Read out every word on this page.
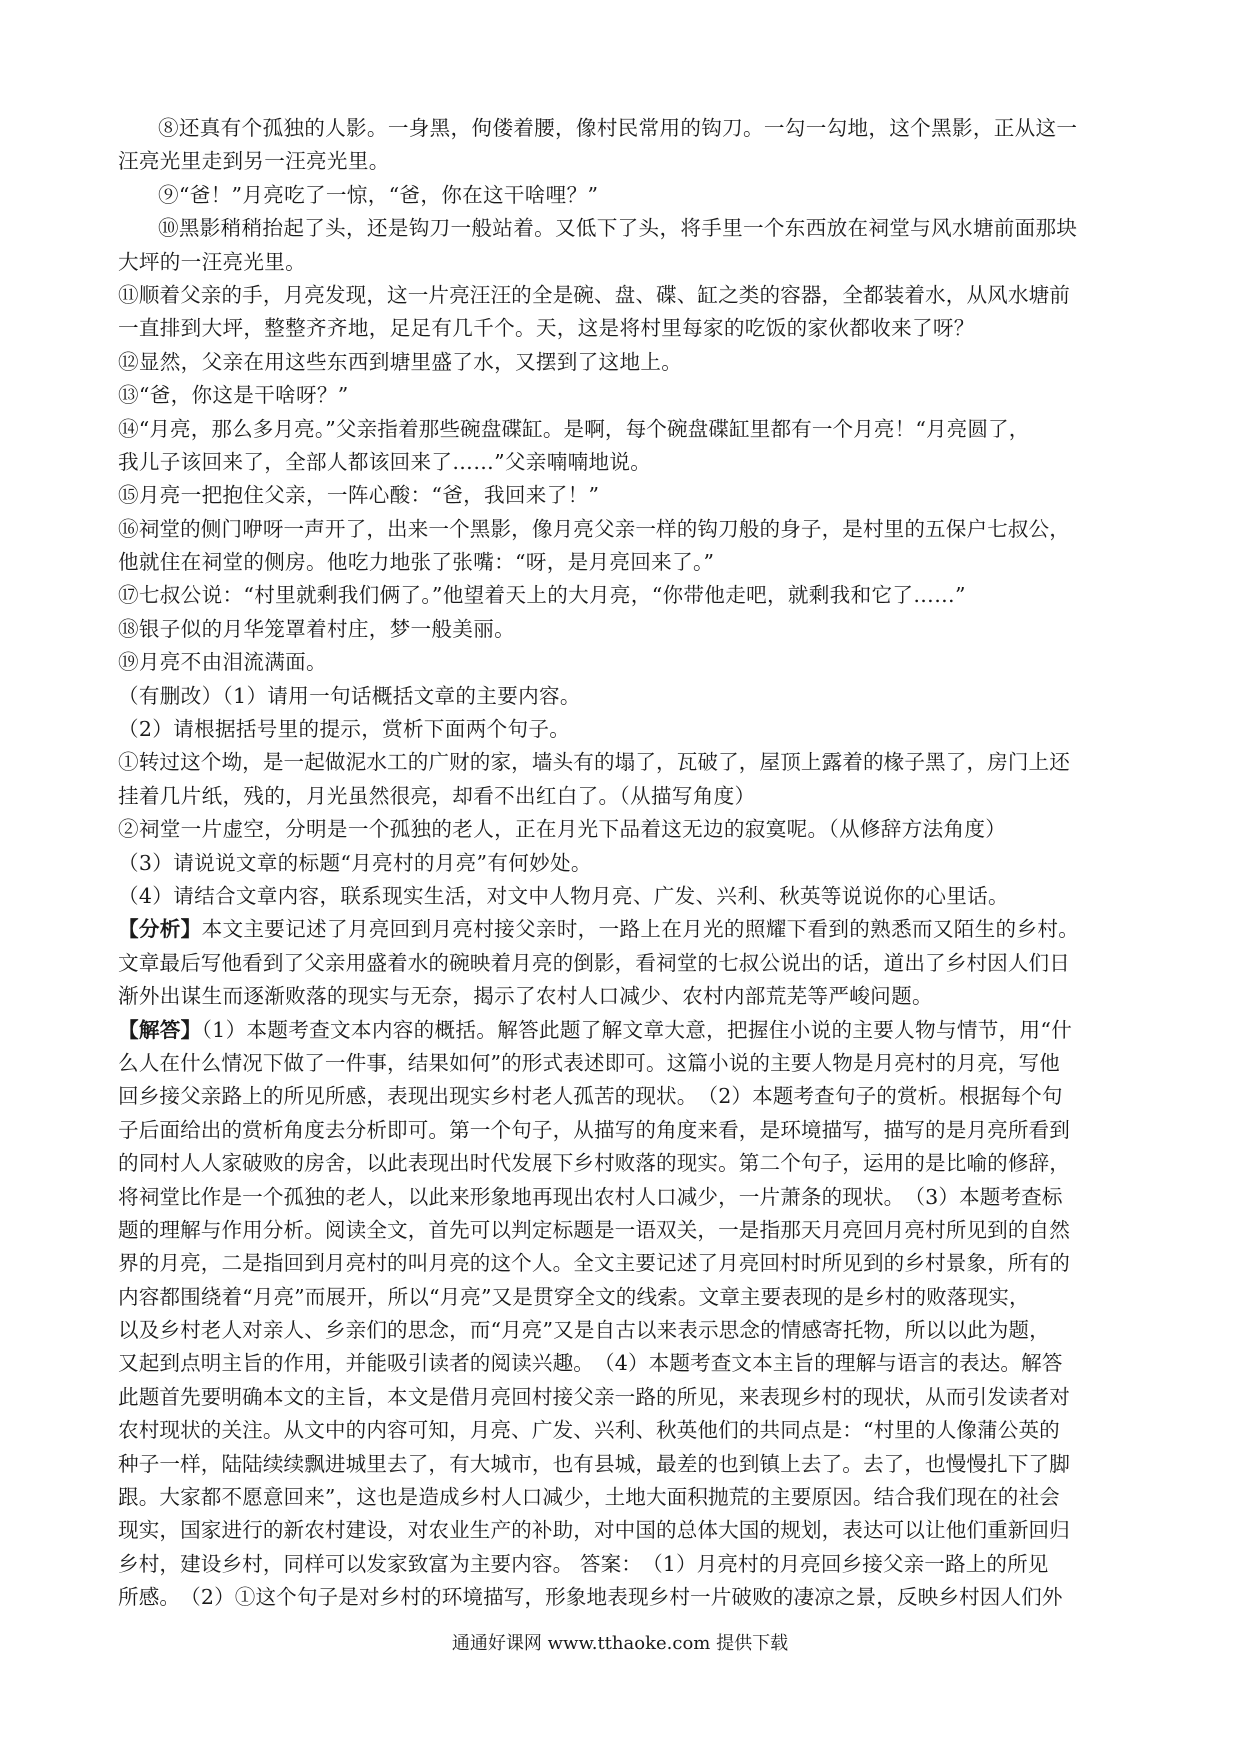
⑧还真有个孤独的人影。一身黑，佝偻着腰，像村民常用的钩刀。一勾一勾地，这个黑影，正从这一
汪亮光里走到另一汪亮光里。
⑨“爸！”月亮吃了一惊，“爸，你在这干啥哩？”
⑩黑影稍稍抬起了头，还是钩刀一般站着。又低下了头，将手里一个东西放在祠堂与风水塘前面那块
大坪的一汪亮光里。
⑪顺着父亲的手，月亮发现，这一片亮汪汪的全是碗、盘、碟、缸之类的容器，全都装着水，从风水塘前
一直排到大坪，整整齐齐地，足足有几千个。天，这是将村里每家的吃饭的家伙都收来了呀？
⑫显然，父亲在用这些东西到塘里盛了水，又摆到了这地上。
⑬“爸，你这是干啥呀？”
⑭“月亮，那么多月亮。”父亲指着那些碗盘碟缸。是啊，每个碗盘碟缸里都有一个月亮！“月亮圆了，
我儿子该回来了，全部人都该回来了……”父亲喃喃地说。
⑮月亮一把抱住父亲，一阵心酸：“爸，我回来了！”
⑯祠堂的侧门咿呀一声开了，出来一个黑影，像月亮父亲一样的钩刀般的身子，是村里的五保户七叔公，
他就住在祠堂的侧房。他吃力地张了张嘴：“呀，是月亮回来了。”
⑰七叔公说：“村里就剩我们俩了。”他望着天上的大月亮，“你带他走吧，就剩我和它了……”
⑱银子似的月华笼罩着村庄，梦一般美丽。
⑲月亮不由泪流满面。
（有删改）（1）请用一句话概括文章的主要内容。
（2）请根据括号里的提示，赏析下面两个句子。
①转过这个坳，是一起做泥水工的广财的家，墙头有的塌了，瓦破了，屋顶上露着的椽子黑了，房门上还
挂着几片纸，残的，月光虽然很亮，却看不出红白了。（从描写角度）
②祠堂一片虚空，分明是一个孤独的老人，正在月光下品着这无边的寂寞呢。（从修辞方法角度）
（3）请说说文章的标题“月亮村的月亮”有何妙处。
（4）请结合文章内容，联系现实生活，对文中人物月亮、广发、兴利、秋英等说说你的心里话。
【分析】本文主要记述了月亮回到月亮村接父亲时，一路上在月光的照耀下看到的熟悉而又陌生的乡村。
文章最后写他看到了父亲用盛着水的碗映着月亮的倒影，看祠堂的七叔公说出的话，道出了乡村因人们日
渐外出谋生而逐渐败落的现实与无奈，揭示了农村人口减少、农村内部荒芜等严峻问题。
【解答】（1）本题考查文本内容的概括。解答此题了解文章大意，把握住小说的主要人物与情节，用“什
么人在什么情况下做了一件事，结果如何”的形式表述即可。这篇小说的主要人物是月亮村的月亮，写他
回乡接父亲路上的所见所感，表现出现实乡村老人孤苦的现状。　（2）本题考查句子的赏析。根据每个句
子后面给出的赏析角度去分析即可。第一个句子，从描写的角度来看，是环境描写，描写的是月亮所看到
的同村人人家破败的房舍，以此表现出时代发展下乡村败落的现实。第二个句子，运用的是比喻的修辞，
将祠堂比作是一个孤独的老人，以此来形象地再现出农村人口减少，一片萧条的现状。　（3）本题考查标
题的理解与作用分析。阅读全文，首先可以判定标题是一语双关，一是指那天月亮回月亮村所见到的自然
界的月亮，二是指回到月亮村的叫月亮的这个人。全文主要记述了月亮回村时所见到的乡村景象，所有的
内容都围绕着“月亮”而展开，所以“月亮”又是贯穿全文的线索。文章主要表现的是乡村的败落现实，
以及乡村老人对亲人、乡亲们的思念，而“月亮”又是自古以来表示思念的情感寄托物，所以以此为题，
又起到点明主旨的作用，并能吸引读者的阅读兴趣。　（4）本题考查文本主旨的理解与语言的表达。解答
此题首先要明确本文的主旨，本文是借月亮回村接父亲一路的所见，来表现乡村的现状，从而引发读者对
农村现状的关注。从文中的内容可知，月亮、广发、兴利、秋英他们的共同点是：“村里的人像蒲公英的
种子一样，陆陆续续飘进城里去了，有大城市，也有县城，最差的也到镇上去了。去了，也慢慢扎下了脚
跟。大家都不愿意回来”，这也是造成乡村人口减少，土地大面积抛荒的主要原因。结合我们现在的社会
现实，国家进行的新农村建设，对农业生产的补助，对中国的总体大国的规划，表达可以让他们重新回归
乡村，建设乡村，同样可以发家致富为主要内容。 答案：　（1）月亮村的月亮回乡接父亲一路上的所见
所感。　（2）①这个句子是对乡村的环境描写，形象地表现乡村一片破败的凄凉之景，反映乡村因人们外
通通好课网 www.tthaoke.com 提供下载
